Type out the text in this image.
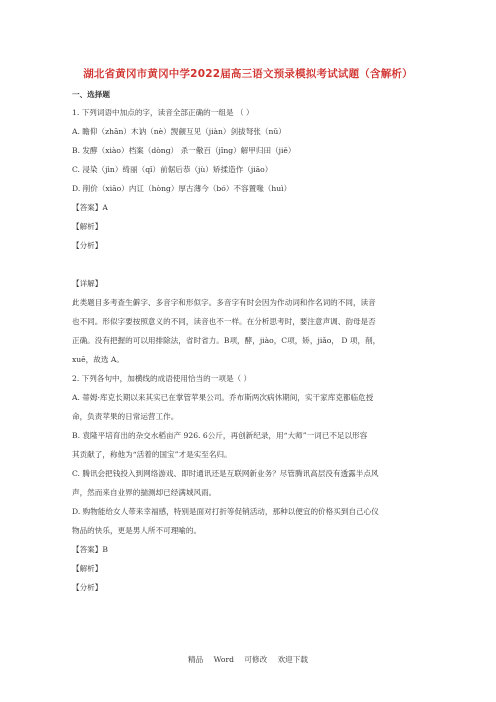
湖北省黄冈市黄冈中学2022届高三语文预录模拟考试试题（含解析）
一、选择题
1. 下列词语中加点的字，读音全部正确的一组是 （ ）
A. 瞻仰（zhān）木讷（nè）觊觎互见（jiàn）剑拔弩张（nǔ）
B. 发酵（xiào）档案（dòng） 杀一儆百（jǐng）解甲归田（jiě）
C. 浸染（jìn）绮丽（qǐ）前倨后恭（jù）矫揉造作（jiāo）
D. 削价（xiāo）内讧（hòng）厚古薄今（bó）不容置喙（huì）
【答案】A
【解析】
【分析】
【详解】
此类题目多考查生僻字、多音字和形似字。多音字有时会因为作动词和作名词的不同，读音
也不同。形似字要按照意义的不同，读音也不一样。在分析思考时，要注意声调、韵母是否
正确。没有把握的可以用排除法，省时省力。B项，酵，jiào，C项，矫，jiǎo， D 项，削，
xuē，故选 A。
2. 下列各句中，加横线的成语使用恰当的一项是（ ）
A. 蒂姆·库克长期以来其实已在掌管苹果公司。乔布斯两次病休期间，实干家库克都临危授
命，负责苹果的日常运营工作。
B. 袁隆平培育出的杂交水稻亩产 926. 6公斤，再创新纪录，用“大师”一词已不足以形容
其贡献了，称他为“活着的国宝”才是实至名归。
C. 腾讯会把钱投入到网络游戏、即时通讯还是互联网新业务？尽管腾讯高层没有透露半点风
声，然而来自业界的揣测却已经满城风雨。
D. 购物能给女人带来幸福感，特别是面对打折等促销活动，那种以便宜的价格买到自己心仪
物品的快乐，更是男人所不可理喻的。
【答案】B
【解析】
【分析】
精品 Word 可修改 欢迎下载
